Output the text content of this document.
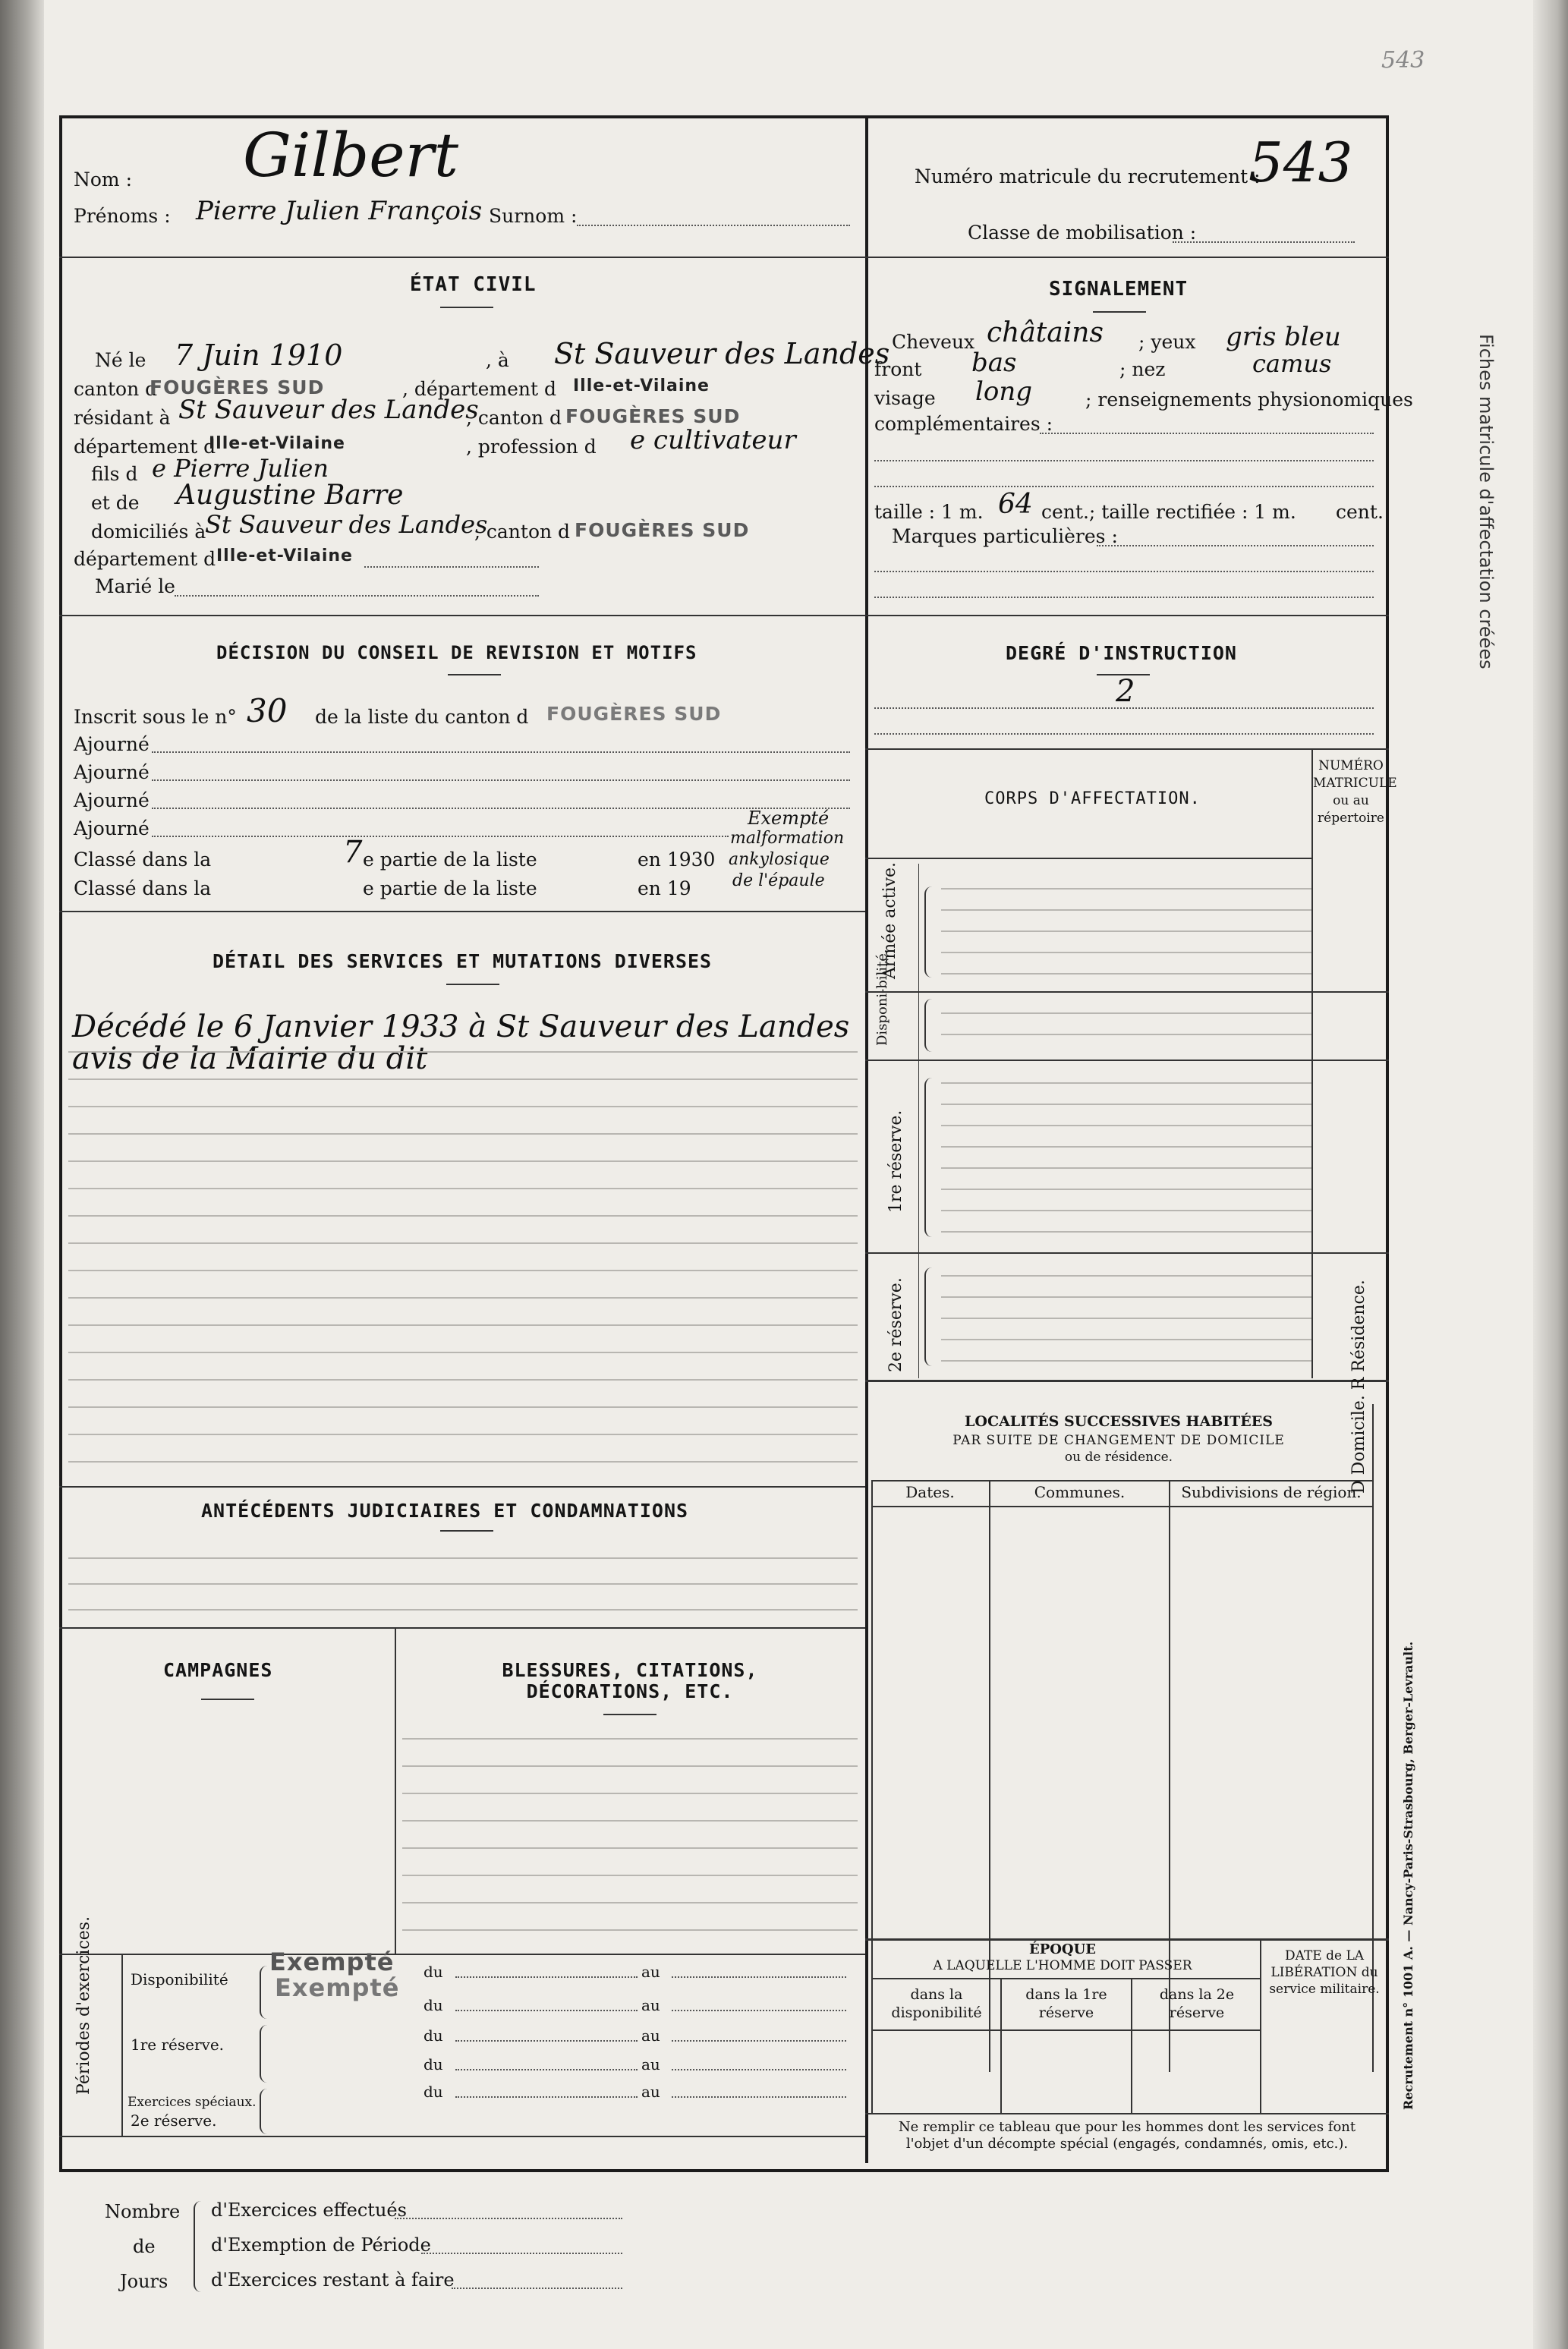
543
Nom : Gilbert
Prénoms : Pierre Julien François Surnom :
Numéro matricule du recrutement :
543
Classe de mobilisation :
ÉTAT CIVIL
Né le 7 Juin 1910	, à St Sauveur des Landes
canton d
FOUGÈRES SUD	, département d Ille-et-Vilaine
résidant à St Sauveur des Landes
, canton d FOUGÈRES SUD
département d
Ille-et-Vilaine	, profession d e cultivateur
fils d e Pierre Julien
et de Augustine Barre
domiciliés à
St Sauveur des Landes
, canton d FOUGÈRES SUD
département d Ille-et-Vilaine
Marié le
SIGNALEMENT
Cheveux châtains ; yeux gris bleu
front bas	; nez	camus
visage long	; renseignements physionomiques
complémentaires :
taille : 1 m. 64 cent.; taille rectifiée : 1 m. cent.
Marques particulières :
DÉCISION DU CONSEIL DE REVISION ET MOTIFS
Inscrit sous le n° 30 de la liste du canton d FOUGÈRES SUD
Ajourné
Ajourné
Ajourné
Ajourné
Classé dans la	7 e partie de la liste	en 1930
Classé dans la	e partie de la liste	en 19
Exempté
malformation
ankylosique
de l'épaule
DEGRÉ D'INSTRUCTION
2
CORPS D'AFFECTATION.
NUMÉRO MATRICULE ou au répertoire
Armée active.
Disponi-bilité.
1re réserve.
2e réserve.
DÉTAIL DES SERVICES ET MUTATIONS DIVERSES
Décédé le 6 Janvier 1933 à St Sauveur des Landes
avis de la Mairie du dit
LOCALITÉS SUCCESSIVES HABITÉES
PAR SUITE DE CHANGEMENT DE DOMICILE
ou de résidence.
Dates.	Communes.	Subdivisions de région.
D Domicile. R Résidence.
ANTÉCÉDENTS JUDICIAIRES ET CONDAMNATIONS
CAMPAGNES	BLESSURES, CITATIONS,
DÉCORATIONS, ETC.
Périodes d'exercices. Disponibilité
1re réserve.
Exercices spéciaux.
2e réserve.
Exempté
Exempté
du	au
du	au
du	au
du	au
du	au
ÉPOQUE
A LAQUELLE L'HOMME DOIT PASSER
dans la disponibilité
dans la 1re réserve
dans la 2e réserve
DATE de LA LIBÉRATION du service militaire.
Ne remplir ce tableau que pour les hommes dont les services font
l'objet d'un décompte spécial (engagés, condamnés, omis, etc.).
Nombre
de
Jours
d'Exercices effectués
d'Exemption de Période
d'Exercices restant à faire
Recrutement n° 1001 A. — Nancy-Paris-Strasbourg, Berger-Levrault.
Fiches matricule d'affectation créées
